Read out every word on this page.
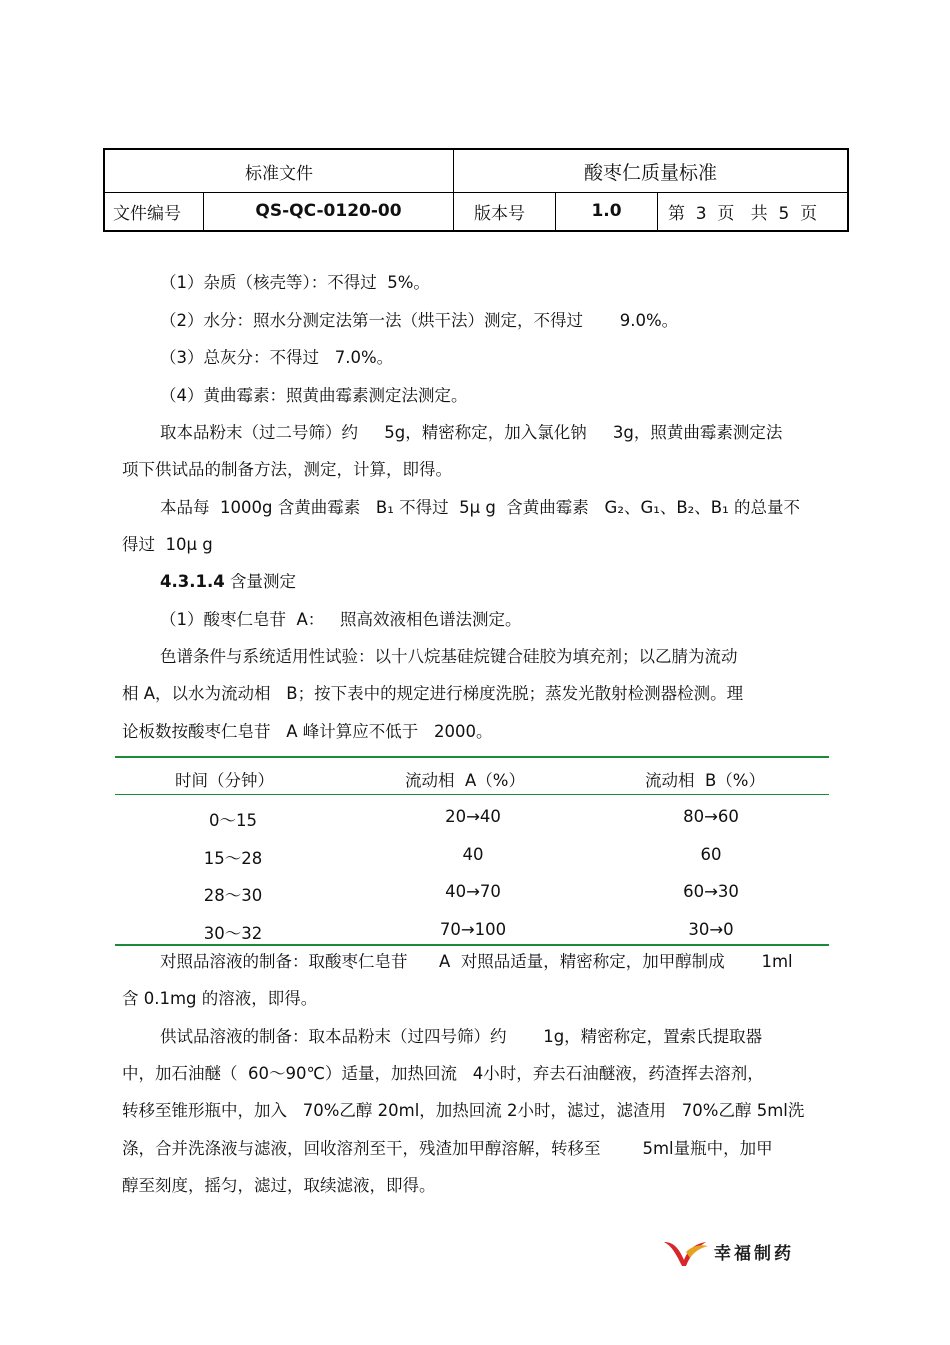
标准文件	酸枣仁质量标准
文件编号	QS-QC-0120-00	版本号	1.0	第  3  页   共  5  页
（1）杂质（核壳等）：不得过  5%。
（2）水分：照水分测定法第一法（烘干法）测定，不得过       9.0%。
（3）总灰分：不得过   7.0%。
（4）黄曲霉素：照黄曲霉素测定法测定。
取本品粉末（过二号筛）约     5g，精密称定，加入氯化钠     3g，照黄曲霉素测定法
项下供试品的制备方法，测定，计算，即得。
本品每  1000g 含黄曲霉素   B₁ 不得过  5μ g  含黄曲霉素   G₂、G₁、B₂、B₁ 的总量不
得过  10μ g
4.3.1.4 含量测定
（1）酸枣仁皂苷  A：   照高效液相色谱法测定。
色谱条件与系统适用性试验：以十八烷基硅烷键合硅胶为填充剂；以乙腈为流动
相 A，以水为流动相   B；按下表中的规定进行梯度洗脱；蒸发光散射检测器检测。理
论板数按酸枣仁皂苷   A 峰计算应不低于   2000。
时间（分钟）	流动相  A（%）	流动相  B（%）
0～15	20→40	80→60
15～28	40	60
28～30	40→70	60→30
30～32	70→100	30→0
对照品溶液的制备：取酸枣仁皂苷      A  对照品适量，精密称定，加甲醇制成       1ml
含 0.1mg 的溶液，即得。
供试品溶液的制备：取本品粉末（过四号筛）约       1g，精密称定，置索氏提取器
中，加石油醚（  60～90℃）适量，加热回流   4小时，弃去石油醚液，药渣挥去溶剂，
转移至锥形瓶中，加入   70%乙醇 20ml，加热回流 2小时，滤过，滤渣用   70%乙醇 5ml洗
涤，合并洗涤液与滤液，回收溶剂至干，残渣加甲醇溶解，转移至        5ml量瓶中，加甲
醇至刻度，摇匀，滤过，取续滤液，即得。
幸福制药
